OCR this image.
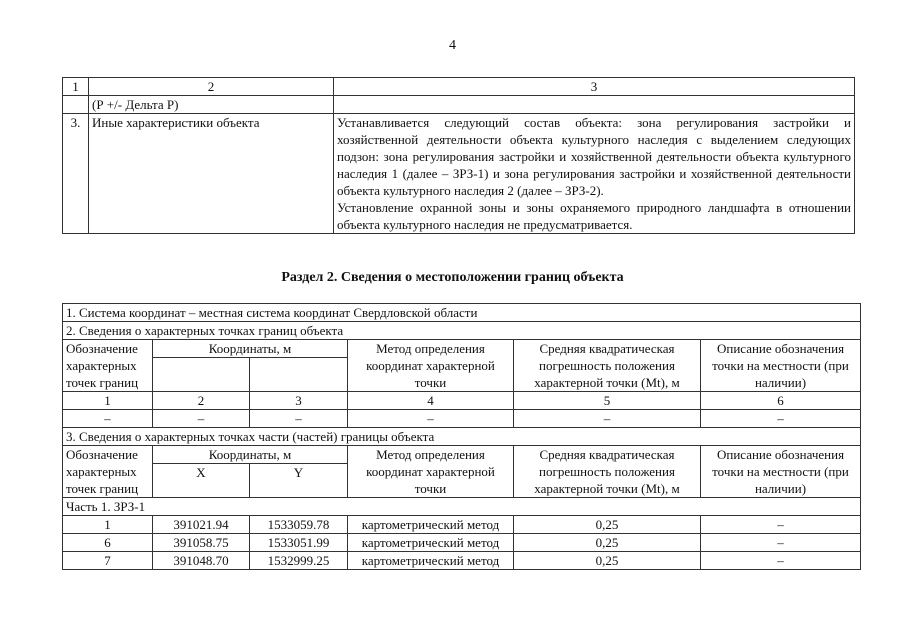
4
1	2	3
	(Р +/- Дельта Р)	
3.	Иные характеристики объекта	Устанавливается следующий состав объекта: зона регулирования застройки и хозяйственной деятельности объекта культурного наследия с выделением следующих подзон: зона регулирования застройки и хозяйственной деятельности объекта культурного наследия 1 (далее – ЗРЗ-1) и зона регулирования застройки и хозяйственной деятельности объекта культурного наследия 2 (далее – ЗРЗ-2).
Установление охранной зоны и зоны охраняемого природного ландшафта в отношении объекта культурного наследия не предусматривается.
Раздел 2. Сведения о местоположении границ объекта
1. Система координат – местная система координат Свердловской области					
2. Сведения о характерных точках границ объекта					
Обозначение характерных точек границ	Координаты, м		Метод определения координат характерной точки	Средняя квадратическая погрешность положения характерной точки (Mt), м	Описание обозначения точки на местности (при наличии)

1	2	3	4	5	6
–	–	–	–	–	–
3. Сведения о характерных точках части (частей) границы объекта					
Обозначение характерных точек границ	Координаты, м		Метод определения координат характерной точки	Средняя квадратическая погрешность положения характерной точки (Mt), м	Описание обозначения точки на местности (при наличии)
	X	Y			
Часть 1. ЗРЗ-1					
1	391021.94	1533059.78	картометрический метод	0,25	–
6	391058.75	1533051.99	картометрический метод	0,25	–
7	391048.70	1532999.25	картометрический метод	0,25	–
